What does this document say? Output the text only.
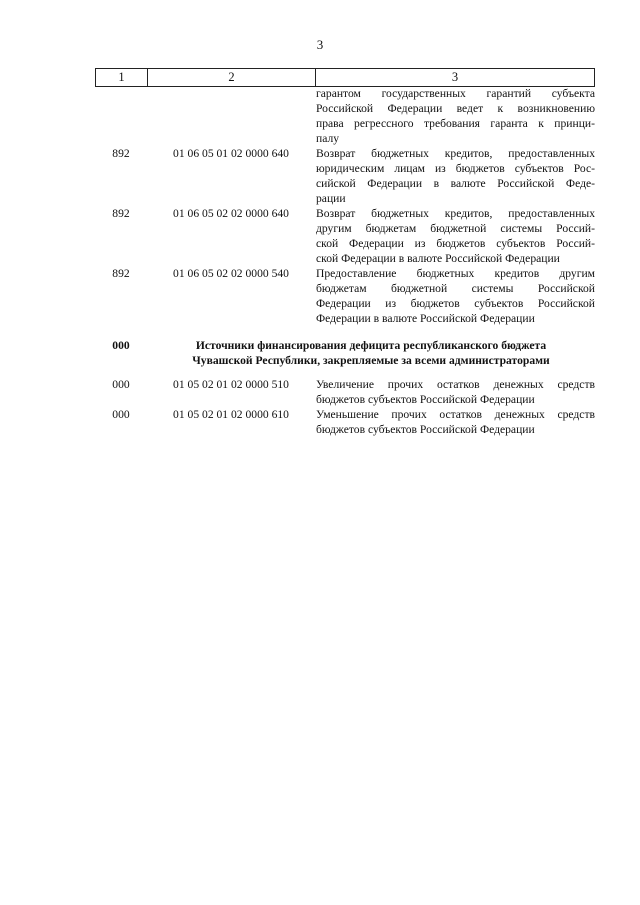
3
1	2	3
гарантом государственных гарантий субъекта
Российской Федерации ведет к возникновению
права регрессного требования гаранта к принци-
палу
892	01 06 05 01 02 0000 640	Возврат бюджетных кредитов, предоставленных
юридическим лицам из бюджетов субъектов Рос-
сийской Федерации в валюте Российской Феде-
рации
892	01 06 05 02 02 0000 640	Возврат бюджетных кредитов, предоставленных
другим бюджетам бюджетной системы Россий-
ской Федерации из бюджетов субъектов Россий-
ской Федерации в валюте Российской Федерации
892	01 06 05 02 02 0000 540	Предоставление бюджетных кредитов другим
бюджетам бюджетной системы Российской
Федерации из бюджетов субъектов Российской
Федерации в валюте Российской Федерации
000	Источники финансирования дефицита республиканского бюджета
Чувашской Республики, закрепляемые за всеми администраторами
000	01 05 02 01 02 0000 510	Увеличение прочих остатков денежных средств
бюджетов субъектов Российской Федерации
000	01 05 02 01 02 0000 610	Уменьшение прочих остатков денежных средств
бюджетов субъектов Российской Федерации
